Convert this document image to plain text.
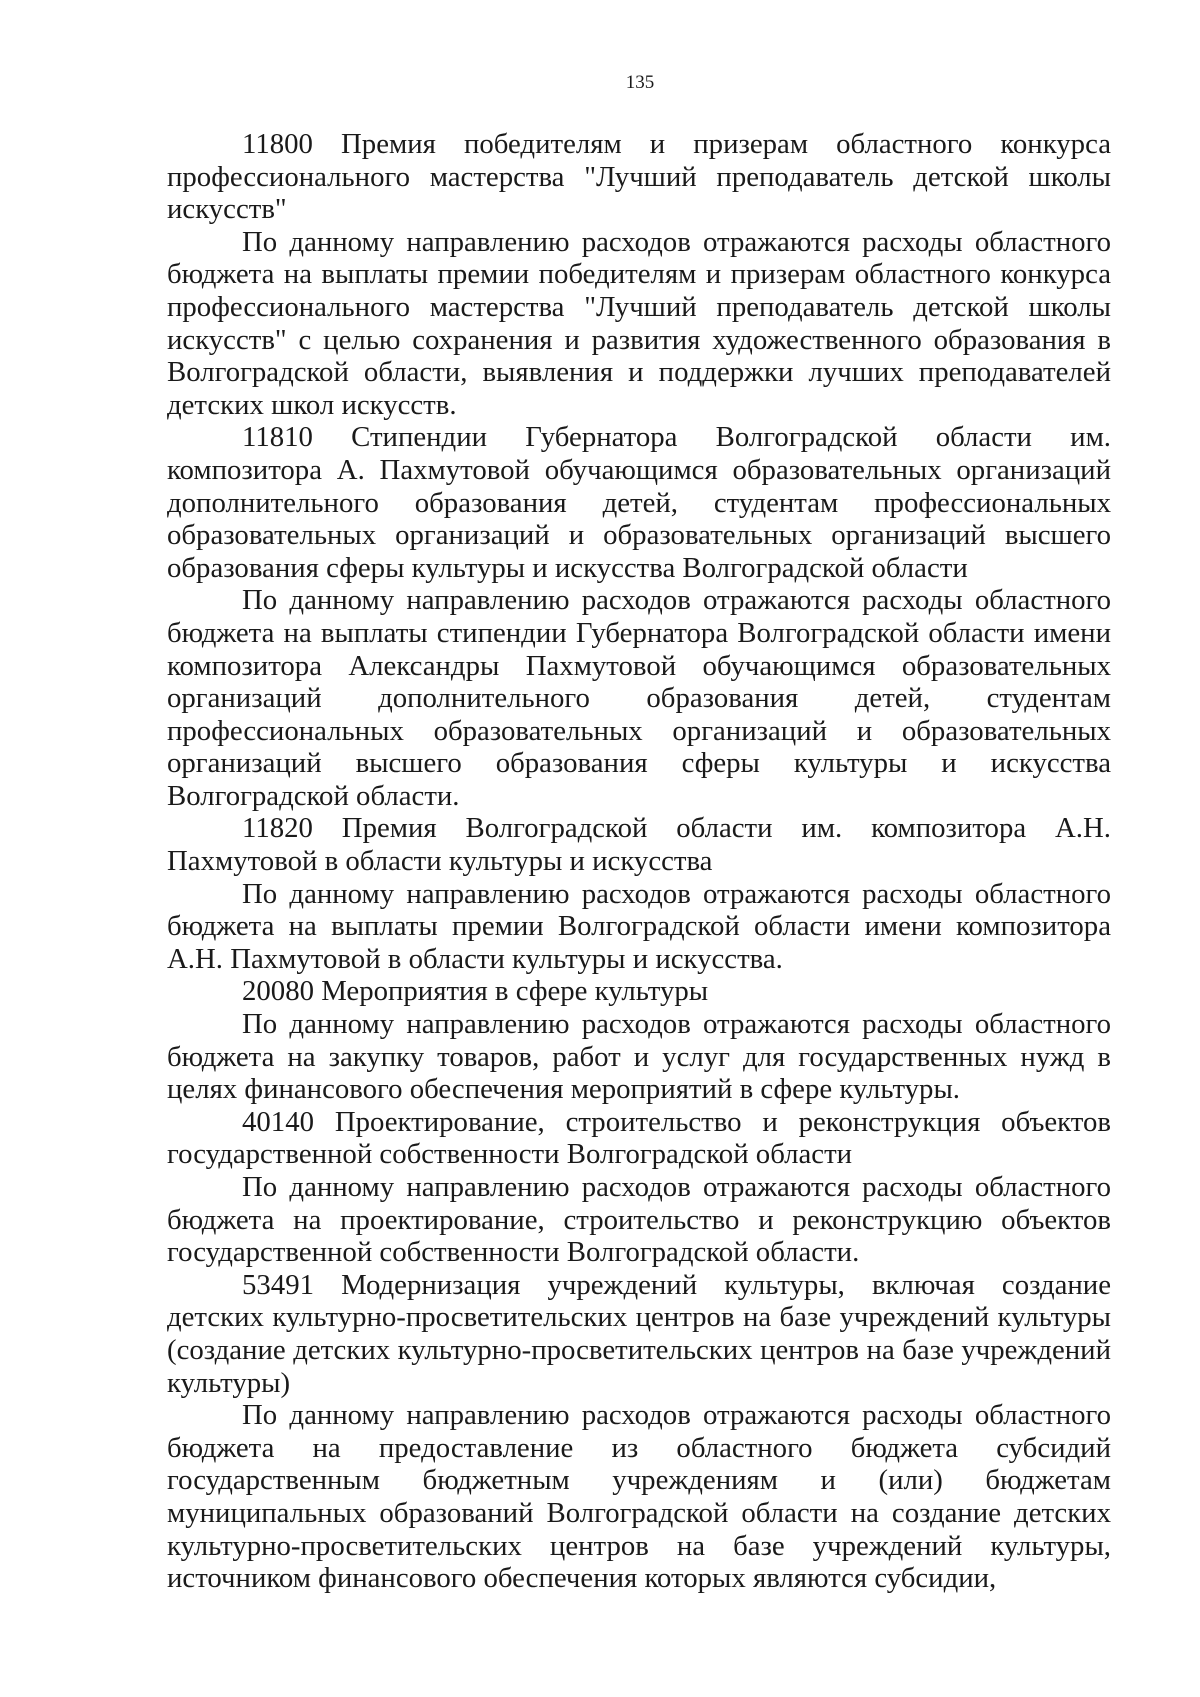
135

11800 Премия победителям и призерам областного конкурса профессионального мастерства "Лучший преподаватель детской школы искусств"

По данному направлению расходов отражаются расходы областного бюджета на выплаты премии победителям и призерам областного конкурса профессионального мастерства "Лучший преподаватель детской школы искусств" с целью сохранения и развития художественного образования в Волгоградской области, выявления и поддержки лучших преподавателей детских школ искусств.

11810 Стипендии Губернатора Волгоградской области им. композитора А. Пахмутовой обучающимся образовательных организаций дополнительного образования детей, студентам профессиональных образовательных организаций и образовательных организаций высшего образования сферы культуры и искусства Волгоградской области

По данному направлению расходов отражаются расходы областного бюджета на выплаты стипендии Губернатора Волгоградской области имени композитора Александры Пахмутовой обучающимся образовательных организаций дополнительного образования детей, студентам профессиональных образовательных организаций и образовательных организаций высшего образования сферы культуры и искусства Волгоградской области.

11820 Премия Волгоградской области им. композитора А.Н. Пахмутовой в области культуры и искусства

По данному направлению расходов отражаются расходы областного бюджета на выплаты премии Волгоградской области имени композитора А.Н. Пахмутовой в области культуры и искусства.

20080 Мероприятия в сфере культуры

По данному направлению расходов отражаются расходы областного бюджета на закупку товаров, работ и услуг для государственных нужд в целях финансового обеспечения мероприятий в сфере культуры.

40140 Проектирование, строительство и реконструкция объектов государственной собственности Волгоградской области

По данному направлению расходов отражаются расходы областного бюджета на проектирование, строительство и реконструкцию объектов государственной собственности Волгоградской области.

53491 Модернизация учреждений культуры, включая создание детских культурно-просветительских центров на базе учреждений культуры (создание детских культурно-просветительских центров на базе учреждений культуры)

По данному направлению расходов отражаются расходы областного бюджета на предоставление из областного бюджета субсидий государственным бюджетным учреждениям и (или) бюджетам муниципальных образований Волгоградской области на создание детских культурно-просветительских центров на базе учреждений культуры, источником финансового обеспечения которых являются субсидии,
